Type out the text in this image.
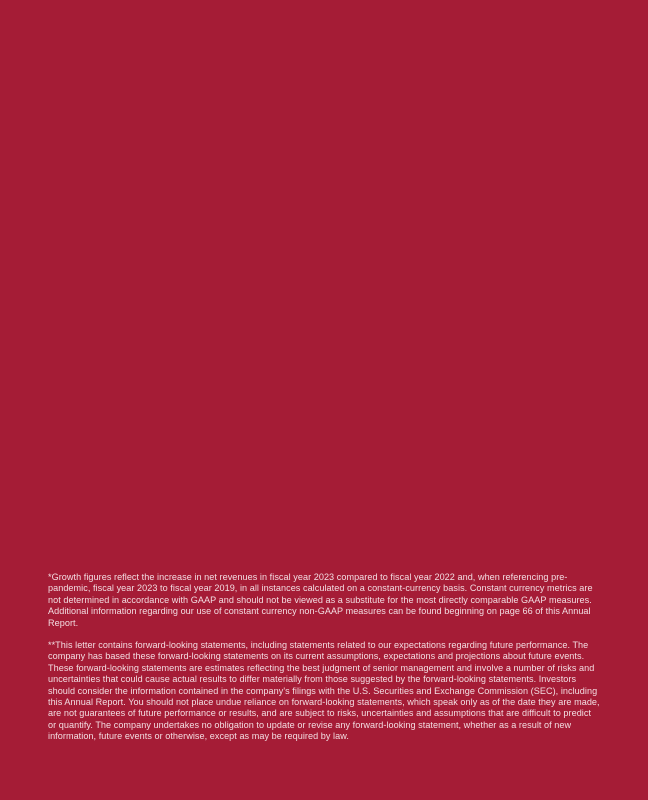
*Growth figures reflect the increase in net revenues in fiscal year 2023 compared to fiscal year 2022 and, when referencing pre-pandemic, fiscal year 2023 to fiscal year 2019, in all instances calculated on a constant-currency basis. Constant currency metrics are not determined in accordance with GAAP and should not be viewed as a substitute for the most directly comparable GAAP measures. Additional information regarding our use of constant currency non-GAAP measures can be found beginning on page 66 of this Annual Report.

**This letter contains forward-looking statements, including statements related to our expectations regarding future performance. The company has based these forward-looking statements on its current assumptions, expectations and projections about future events. These forward-looking statements are estimates reflecting the best judgment of senior management and involve a number of risks and uncertainties that could cause actual results to differ materially from those suggested by the forward-looking statements. Investors should consider the information contained in the company's filings with the U.S. Securities and Exchange Commission (SEC), including this Annual Report. You should not place undue reliance on forward-looking statements, which speak only as of the date they are made, are not guarantees of future performance or results, and are subject to risks, uncertainties and assumptions that are difficult to predict or quantify. The company undertakes no obligation to update or revise any forward-looking statement, whether as a result of new information, future events or otherwise, except as may be required by law.
